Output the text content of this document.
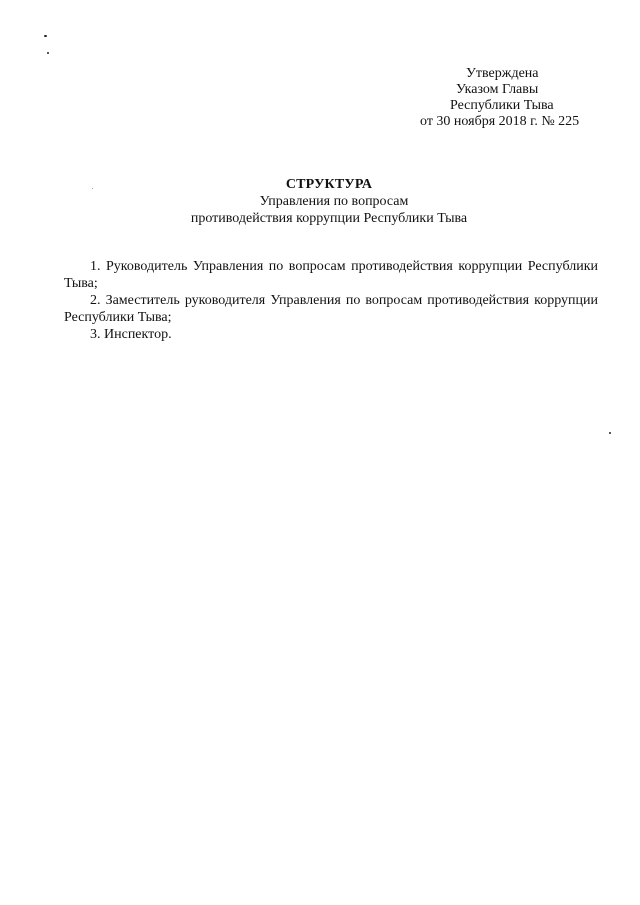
Утверждена
Указом Главы
Республики Тыва
от 30 ноября 2018 г. № 225
СТРУКТУРА
Управления по вопросам
противодействия коррупции Республики Тыва

1. Руководитель Управления по вопросам противодействия коррупции Республики Тыва;

2. Заместитель руководителя Управления по вопросам противодействия коррупции Республики Тыва;

3. Инспектор.
